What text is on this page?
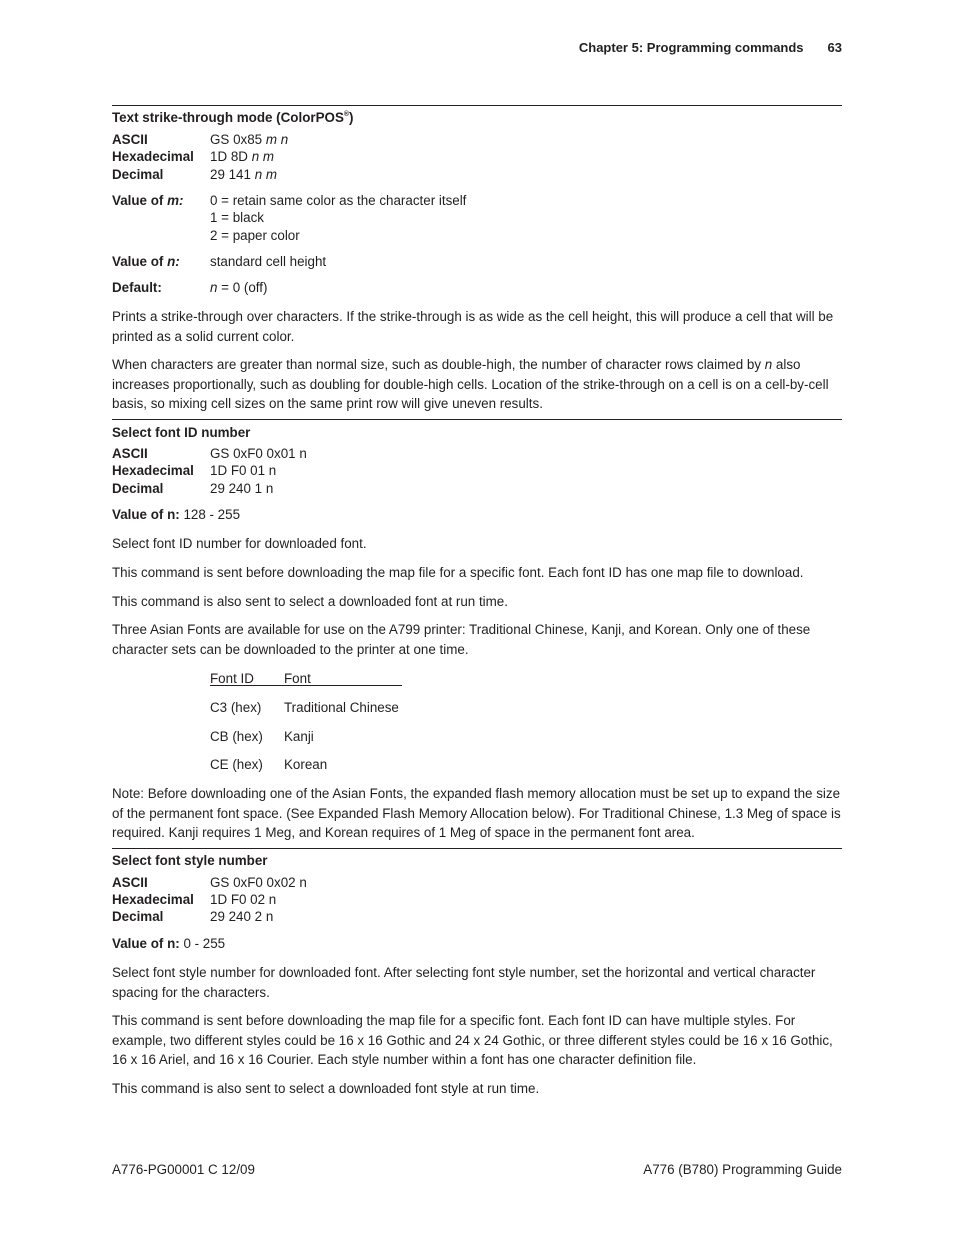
Chapter 5: Programming commands 63
Text strike-through mode (ColorPOS®)
ASCII	GS 0x85 m n
Hexadecimal 1D 8D n m
Decimal	29 141 n m
Value of m: 0 = retain same color as the character itself
1 = black
2 = paper color
Value of n: standard cell height
Default:	n = 0 (off)
Prints a strike-through over characters. If the strike-through is as wide as the cell height, this will produce a cell that will be printed as a solid current color.
When characters are greater than normal size, such as double-high, the number of character rows claimed by n also increases proportionally, such as doubling for double-high cells. Location of the strike-through on a cell is on a cell-by-cell basis, so mixing cell sizes on the same print row will give uneven results.
Select font ID number
ASCII	GS 0xF0 0x01 n
Hexadecimal 1D F0 01 n
Decimal	29 240 1 n
Value of n: 128 - 255
Select font ID number for downloaded font.
This command is sent before downloading the map file for a specific font. Each font ID has one map file to download.
This command is also sent to select a downloaded font at run time.
Three Asian Fonts are available for use on the A799 printer: Traditional Chinese, Kanji, and Korean. Only one of these character sets can be downloaded to the printer at one time.
Font ID Font
C3 (hex) Traditional Chinese
CB (hex) Kanji
CE (hex) Korean
Note: Before downloading one of the Asian Fonts, the expanded flash memory allocation must be set up to expand the size of the permanent font space. (See Expanded Flash Memory Allocation below). For Traditional Chinese, 1.3 Meg of space is required. Kanji requires 1 Meg, and Korean requires of 1 Meg of space in the permanent font area.
Select font style number
ASCII	GS 0xF0 0x02 n
Hexadecimal 1D F0 02 n
Decimal	29 240 2 n
Value of n: 0 - 255
Select font style number for downloaded font. After selecting font style number, set the horizontal and vertical character spacing for the characters.
This command is sent before downloading the map file for a specific font. Each font ID can have multiple styles. For example, two different styles could be 16 x 16 Gothic and 24 x 24 Gothic, or three different styles could be 16 x 16 Gothic, 16 x 16 Ariel, and 16 x 16 Courier. Each style number within a font has one character definition file.
This command is also sent to select a downloaded font style at run time.
A776-PG00001 C 12/09	A776 (B780) Programming Guide
